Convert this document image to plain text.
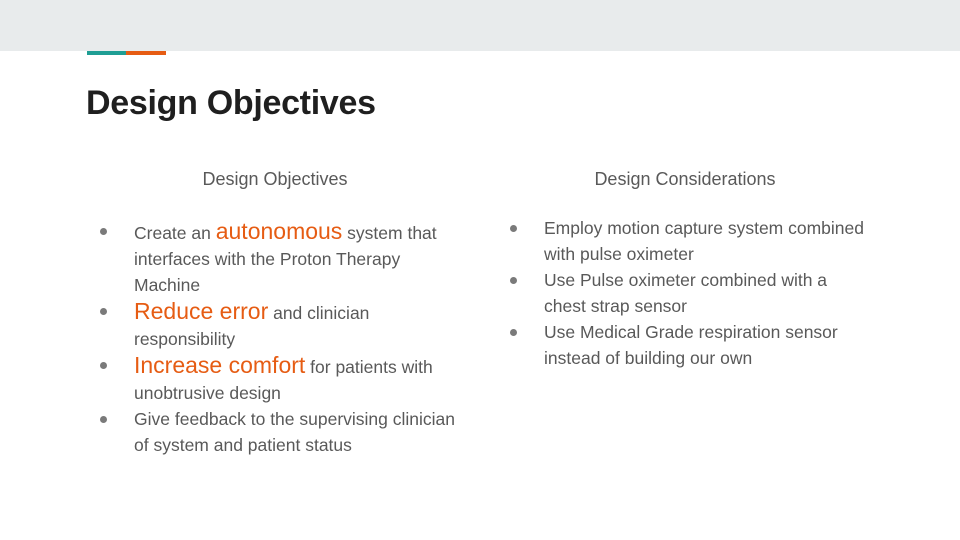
Design Objectives
Design Objectives	Design Considerations
Create an autonomous system that interfaces with the Proton Therapy Machine
Reduce error and clinician responsibility
Increase comfort for patients with unobtrusive design
Give feedback to the supervising clinician of system and patient status
Employ motion capture system combined with pulse oximeter
Use Pulse oximeter combined with a chest strap sensor
Use Medical Grade respiration sensor instead of building our own
